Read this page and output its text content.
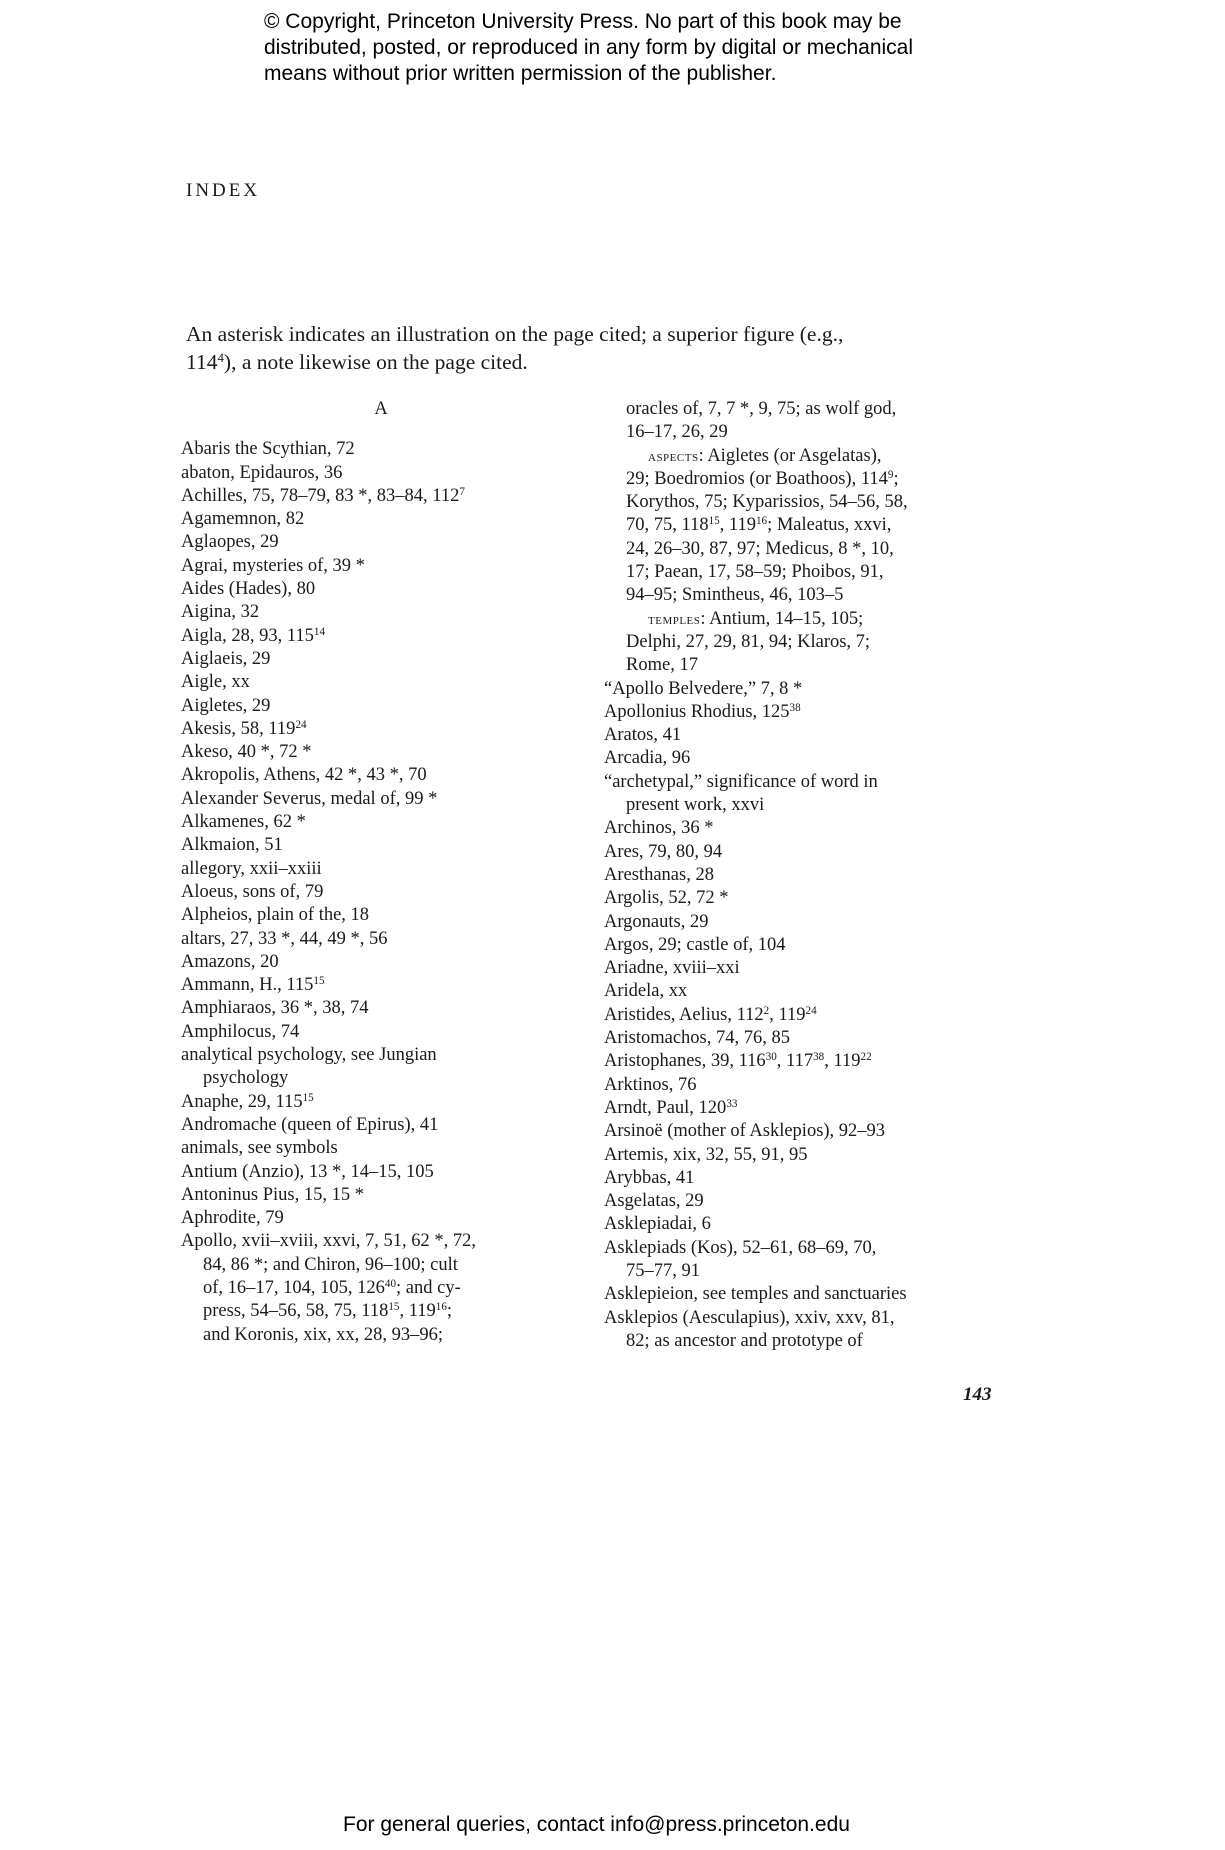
© Copyright, Princeton University Press. No part of this book may be
distributed, posted, or reproduced in any form by digital or mechanical
means without prior written permission of the publisher.
INDEX
An asterisk indicates an illustration on the page cited; a superior figure (e.g.,
$114^4$), a note likewise on the page cited.
A
Abaris the Scythian, 72
abaton, Epidauros, 36
Achilles, 75, 78–79, 83 *, 83–84, $112^7$
Agamemnon, 82
Aglaopes, 29
Agrai, mysteries of, 39 *
Aides (Hades), 80
Aigina, 32
Aigla, 28, 93, $115^{14}$
Aiglaeis, 29
Aigle, xx
Aigletes, 29
Akesis, 58, $119^{24}$
Akeso, 40 *, 72 *
Akropolis, Athens, 42 *, 43 *, 70
Alexander Severus, medal of, 99 *
Alkamenes, 62 *
Alkmaion, 51
allegory, xxii–xxiii
Aloeus, sons of, 79
Alpheios, plain of the, 18
altars, 27, 33 *, 44, 49 *, 56
Amazons, 20
Ammann, H., $115^{15}$
Amphiaraos, 36 *, 38, 74
Amphilocus, 74
analytical psychology, see Jungian
psychology
Anaphe, 29, $115^{15}$
Andromache (queen of Epirus), 41
animals, see symbols
Antium (Anzio), 13 *, 14–15, 105
Antoninus Pius, 15, 15 *
Aphrodite, 79
Apollo, xvii–xviii, xxvi, 7, 51, 62 *, 72,
84, 86 *; and Chiron, 96–100; cult
of, 16–17, 104, 105, $126^{40}$; and cy-
press, 54–56, 58, 75, $118^{15}$, $119^{16}$;
and Koronis, xix, xx, 28, 93–96;
oracles of, 7, 7 *, 9, 75; as wolf god,
16–17, 26, 29
aspects: Aigletes (or Asgelatas),
29; Boedromios (or Boathoos), $114^9$;
Korythos, 75; Kyparissios, 54–56, 58,
70, 75, $118^{15}$, $119^{16}$; Maleatus, xxvi,
24, 26–30, 87, 97; Medicus, 8 *, 10,
17; Paean, 17, 58–59; Phoibos, 91,
94–95; Smintheus, 46, 103–5
temples: Antium, 14–15, 105;
Delphi, 27, 29, 81, 94; Klaros, 7;
Rome, 17
“Apollo Belvedere,” 7, 8 *
Apollonius Rhodius, $125^{38}$
Aratos, 41
Arcadia, 96
“archetypal,” significance of word in
present work, xxvi
Archinos, 36 *
Ares, 79, 80, 94
Aresthanas, 28
Argolis, 52, 72 *
Argonauts, 29
Argos, 29; castle of, 104
Ariadne, xviii–xxi
Aridela, xx
Aristides, Aelius, $112^2$, $119^{24}$
Aristomachos, 74, 76, 85
Aristophanes, 39, $116^{30}$, $117^{38}$, $119^{22}$
Arktinos, 76
Arndt, Paul, $120^{33}$
Arsinoë (mother of Asklepios), 92–93
Artemis, xix, 32, 55, 91, 95
Arybbas, 41
Asgelatas, 29
Asklepiadai, 6
Asklepiads (Kos), 52–61, 68–69, 70,
75–77, 91
Asklepieion, see temples and sanctuaries
Asklepios (Aesculapius), xxiv, xxv, 81,
82; as ancestor and prototype of
143
For general queries, contact info@press.princeton.edu
